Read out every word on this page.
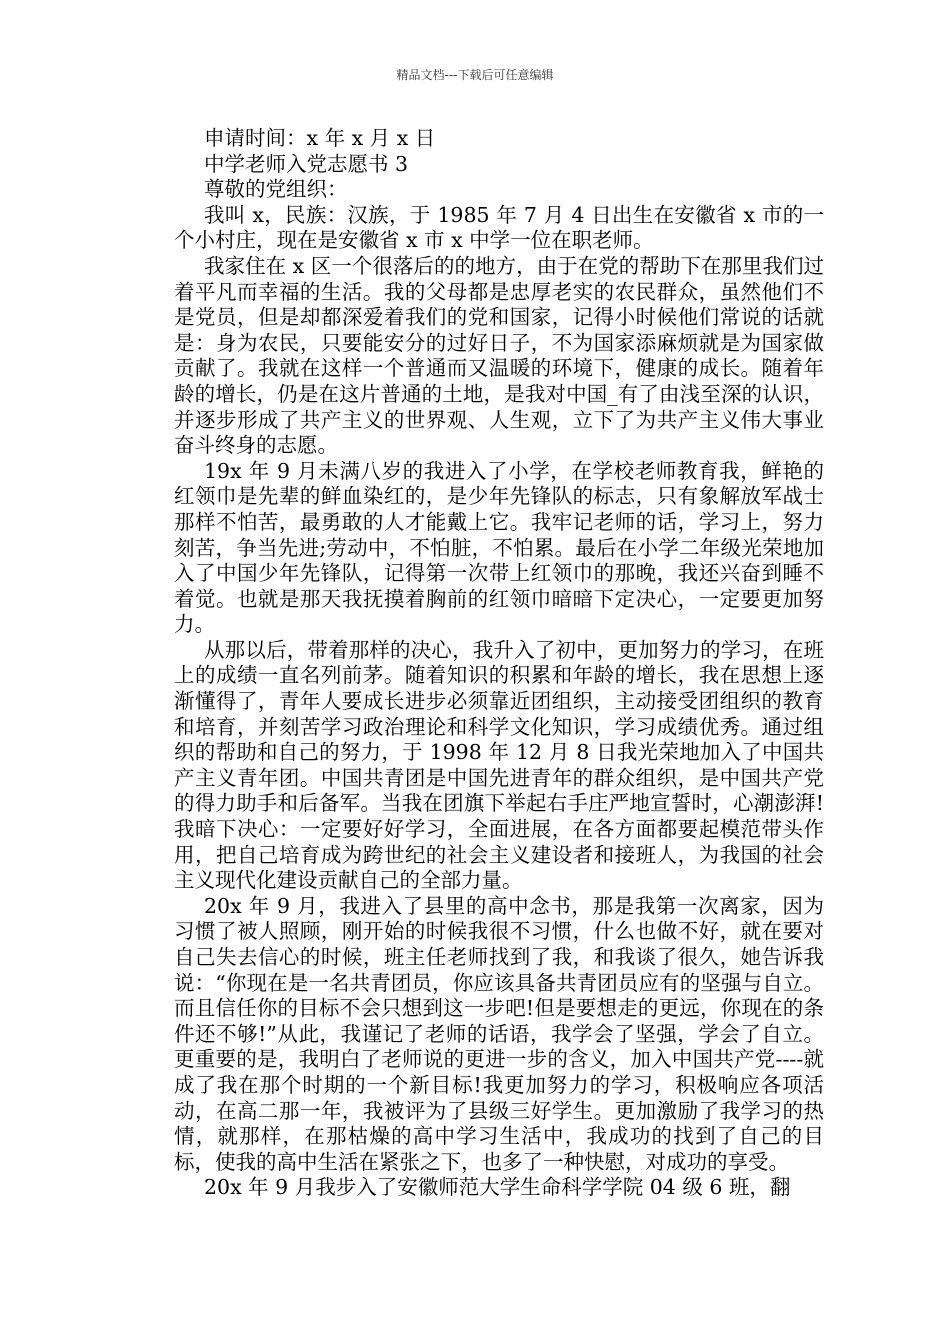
精品文档---下载后可任意编辑

申请时间：x 年 x 月 x 日

中学老师入党志愿书 3

尊敬的党组织：

我叫 x，民族：汉族，于 1985 年 7 月 4 日出生在安徽省 x 市的一个小村庄，现在是安徽省 x 市 x 中学一位在职老师。

我家住在 x 区一个很落后的的地方，由于在党的帮助下在那里我们过着平凡而幸福的生活。我的父母都是忠厚老实的农民群众，虽然他们不是党员，但是却都深爱着我们的党和国家，记得小时候他们常说的话就是：身为农民，只要能安分的过好日子，不为国家添麻烦就是为国家做贡献了。我就在这样一个普通而又温暖的环境下，健康的成长。随着年龄的增长，仍是在这片普通的土地，是我对中国_有了由浅至深的认识，并逐步形成了共产主义的世界观、人生观，立下了为共产主义伟大事业奋斗终身的志愿。

19x 年 9 月未满八岁的我进入了小学，在学校老师教育我，鲜艳的红领巾是先辈的鲜血染红的，是少年先锋队的标志，只有象解放军战士那样不怕苦，最勇敢的人才能戴上它。我牢记老师的话，学习上，努力刻苦，争当先进;劳动中，不怕脏，不怕累。最后在小学二年级光荣地加入了中国少年先锋队，记得第一次带上红领巾的那晚，我还兴奋到睡不着觉。也就是那天我抚摸着胸前的红领巾暗暗下定决心，一定要更加努力。

从那以后，带着那样的决心，我升入了初中，更加努力的学习，在班上的成绩一直名列前茅。随着知识的积累和年龄的增长，我在思想上逐渐懂得了，青年人要成长进步必须靠近团组织，主动接受团组织的教育和培育，并刻苦学习政治理论和科学文化知识，学习成绩优秀。通过组织的帮助和自己的努力，于 1998 年 12 月 8 日我光荣地加入了中国共产主义青年团。中国共青团是中国先进青年的群众组织，是中国共产党的得力助手和后备军。当我在团旗下举起右手庄严地宣誓时，心潮澎湃!我暗下决心：一定要好好学习，全面进展，在各方面都要起模范带头作用，把自己培育成为跨世纪的社会主义建设者和接班人，为我国的社会主义现代化建设贡献自己的全部力量。

20x 年 9 月，我进入了县里的高中念书，那是我第一次离家，因为习惯了被人照顾，刚开始的时候我很不习惯，什么也做不好，就在要对自己失去信心的时候，班主任老师找到了我，和我谈了很久，她告诉我说：“你现在是一名共青团员，你应该具备共青团员应有的坚强与自立。而且信任你的目标不会只想到这一步吧!但是要想走的更远，你现在的条件还不够!”从此，我谨记了老师的话语，我学会了坚强，学会了自立。更重要的是，我明白了老师说的更进一步的含义，加入中国共产党----就成了我在那个时期的一个新目标!我更加努力的学习，积极响应各项活动，在高二那一年，我被评为了县级三好学生。更加激励了我学习的热情，就那样，在那枯燥的高中学习生活中，我成功的找到了自己的目标，使我的高中生活在紧张之下，也多了一种快慰，对成功的享受。

20x 年 9 月我步入了安徽师范大学生命科学学院 04 级 6 班，翻
